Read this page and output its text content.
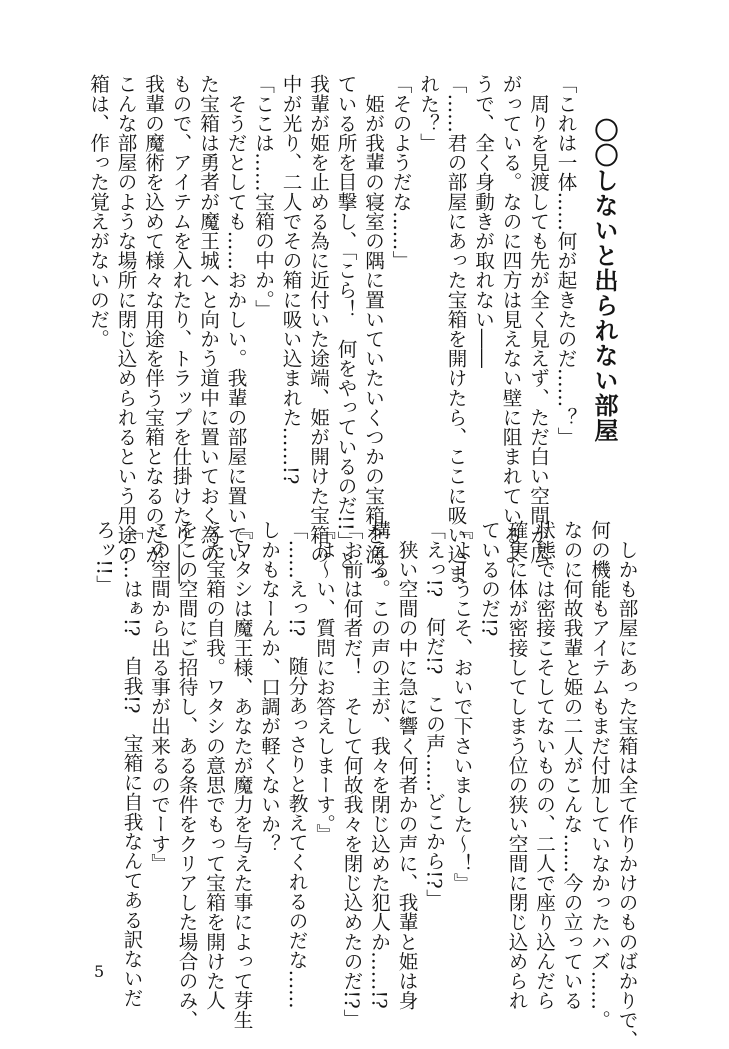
〇〇しないと出られない部屋

「これは一体……何が起きたのだ……？」

　周りを見渡しても先が全く見えず、ただ白い空間が広

がっている。なのに四方は見えない壁に阻まれているよ

うで、全く身動きが取れない――

「……君の部屋にあった宝箱を開けたら、ここに吸い込ま

れた？」

「そのようだな……」

　姫が我輩の寝室の隅に置いていたいくつかの宝箱を漁っ

ている所を目撃し、「こら！　何をやっているのだ!!」と

我輩が姫を止める為に近付いた途端、姫が開けた宝箱の

中が光り、二人でその箱に吸い込まれた……!?

「ここは……宝箱の中か。」

　そうだとしても……おかしい。我輩の部屋に置いてい

た宝箱は勇者が魔王城へと向かう道中に置いておく為の

もので、アイテムを入れたり、トラップを仕掛けたり――

我輩の魔術を込めて様々な用途を伴う宝箱となるのだが、

こんな部屋のような場所に閉じ込められるという用途の

箱は、作った覚えがないのだ。

　しかも部屋にあった宝箱は全て作りかけのものばかりで、

何の機能もアイテムもまだ付加していなかったハズ……。

なのに何故我輩と姫の二人がこんな……今の立っている

状態では密接こそしてないものの、二人で座り込んだら

確実に体が密接してしまう位の狭い空間に閉じ込められ

ているのだ!?

『よーうこそ、おいで下さいました～！』

「えっ!?　何だ!?　この声……どこから!?」

　狭い空間の中に急に響く何者かの声に、我輩と姫は身

構える。この声の主が、我々を閉じ込めた犯人か……!?

「お前は何者だ！　そして何故我々を閉じ込めたのだ!?」

『は～い、質問にお答えしまーす。』

「……えっ!?　随分あっさりと教えてくれるのだな……

しかもなーんか、口調が軽くないか？

『ワタシは魔王様、あなたが魔力を与えた事によって芽生

えた宝箱の自我。ワタシの意思でもって宝箱を開けた人

をこの空間にご招待し、ある条件をクリアした場合のみ、

この空間から出る事が出来るのでーす』

「……はぁ!?　自我!?　宝箱に自我なんてある訳ないだ

ろッ!!」

5
